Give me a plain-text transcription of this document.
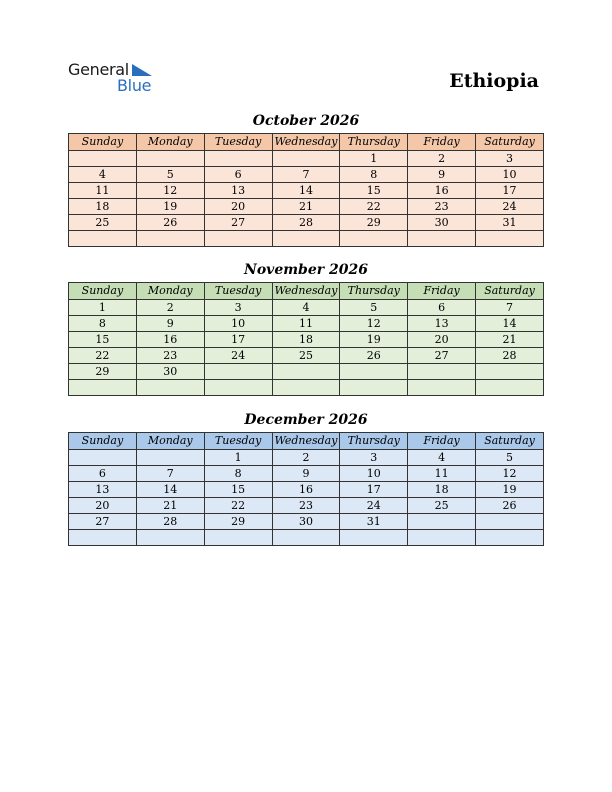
General
Blue	Ethiopia
October 2026
Sunday	Monday	Tuesday	Wednesday	Thursday	Friday	Saturday
				1	2	3
4	5	6	7	8	9	10
11	12	13	14	15	16	17
18	19	20	21	22	23	24
25	26	27	28	29	30	31

November 2026
Sunday	Monday	Tuesday	Wednesday	Thursday	Friday	Saturday
1	2	3	4	5	6	7
8	9	10	11	12	13	14
15	16	17	18	19	20	21
22	23	24	25	26	27	28
29	30					

December 2026
Sunday	Monday	Tuesday	Wednesday	Thursday	Friday	Saturday
		1	2	3	4	5
6	7	8	9	10	11	12
13	14	15	16	17	18	19
20	21	22	23	24	25	26
27	28	29	30	31		
